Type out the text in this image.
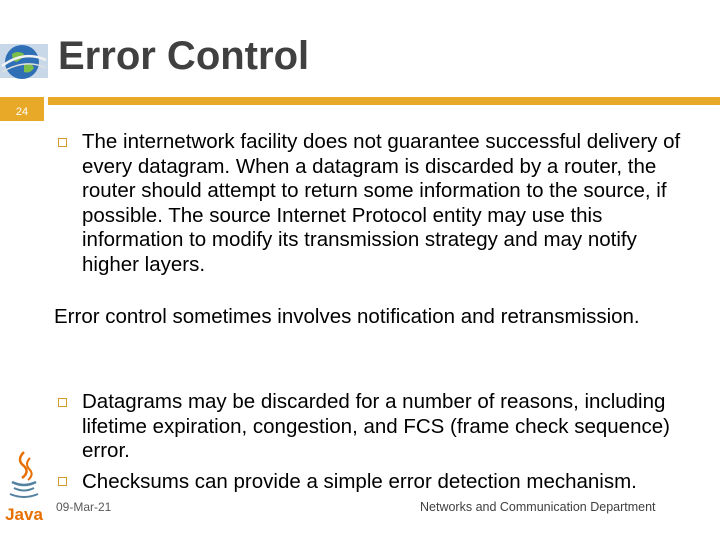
Error Control
24
The internetwork facility does not guarantee successful delivery of every datagram. When a datagram is discarded by a router, the router should attempt to return some information to the source, if possible. The source Internet Protocol entity may use this information to modify its transmission strategy and may notify higher layers.
Error control sometimes involves notification and retransmission.
Datagrams may be discarded for a number of reasons, including lifetime expiration, congestion, and FCS (frame check sequence) error.
Checksums can provide a simple error detection mechanism.
Java 09-Mar-21	Networks and Communication Department
